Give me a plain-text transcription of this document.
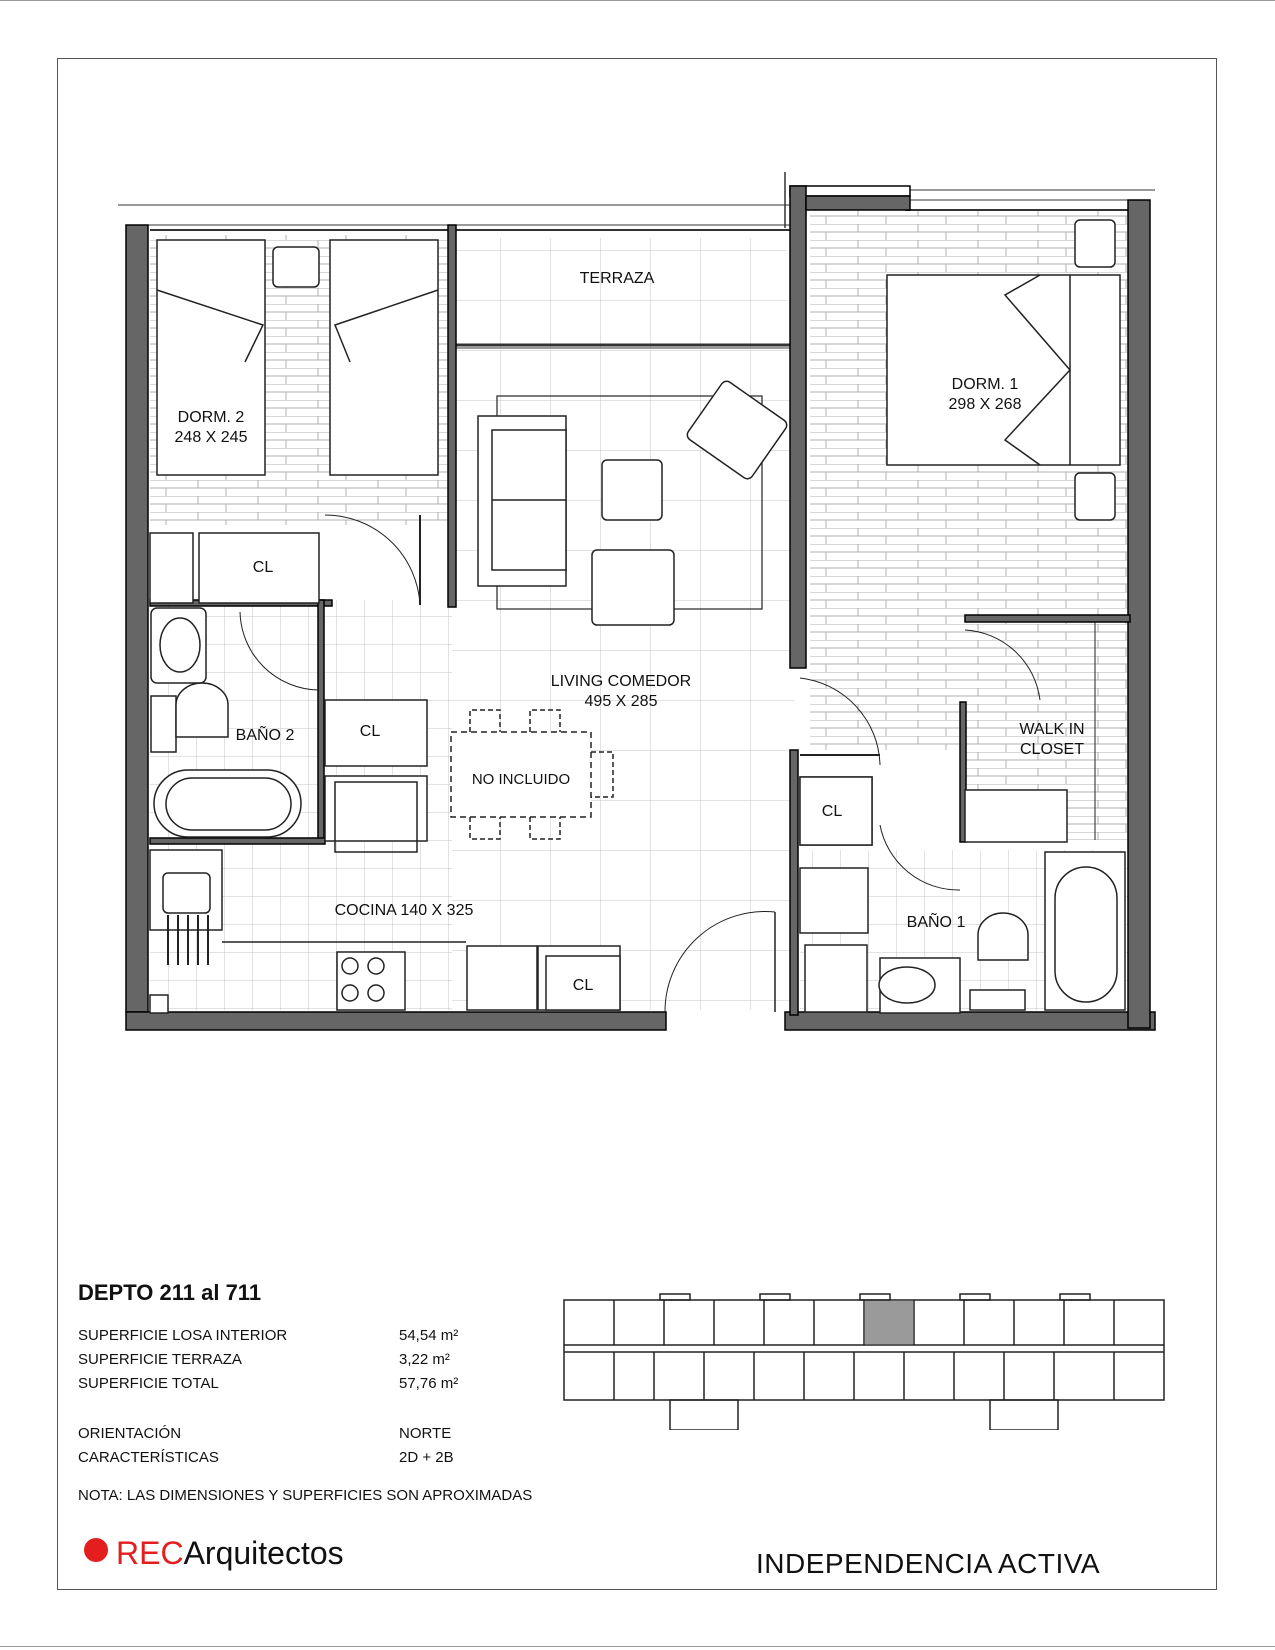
TERRAZA
DORM. 2
248 X 245
DORM. 1
298 X 268
LIVING COMEDOR
495 X 285
NO INCLUIDO
BAÑO 2
BAÑO 1
COCINA 140 X 325
WALK IN
CLOSET
CL
CL
CL
CL
DEPTO 211 al 711
SUPERFICIE LOSA INTERIOR	54,54 m²
SUPERFICIE TERRAZA	3,22 m²
SUPERFICIE TOTAL	57,76 m²
ORIENTACIÓN	NORTE
CARACTERÍSTICAS	2D + 2B
NOTA: LAS DIMENSIONES Y SUPERFICIES SON APROXIMADAS
RECArquitectos	INDEPENDENCIA ACTIVA
